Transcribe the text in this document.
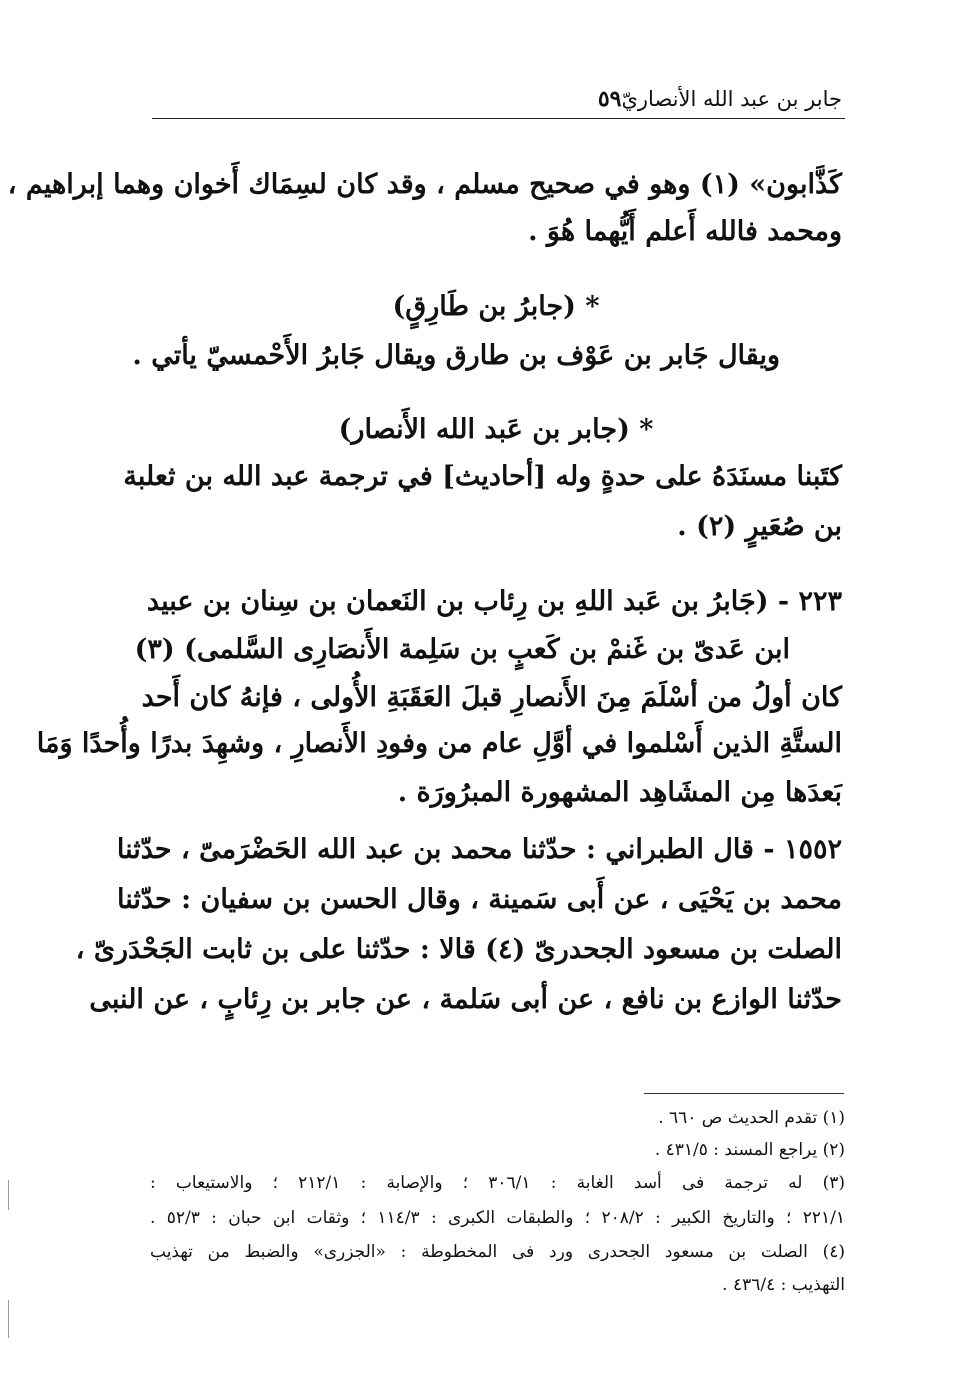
جابر بن عبد الله الأنصاريّ
٥٩
كَذَّابون» (١) وهو في صحيح مسلم ، وقد كان لسِمَاك أَخوان وهما إبراهيم ،
ومحمد فالله أَعلم أَيُّهما هُوَ .
* (جابرُ بن طَارِقٍ)
ويقال جَابر بن عَوْف بن طارق ويقال جَابرُ الأَحْمسيّ يأتي .
* (جابر بن عَبد الله الأَنصار)
كتَبنا مسنَدَهُ على حدةٍ وله [أحاديث] في ترجمة عبد الله بن ثعلبة
بن صُعَيرٍ (٢) .
٢٢٣ - (جَابرُ بن عَبد اللهِ بن رِئاب بن النَعمان بن سِنان بن عبيد
ابن عَدىّ بن غَنمْ بن كَعبٍ بن سَلِمة الأَنصَارِى السَّلمى) (٣)
كان أولُ من أسْلَمَ مِنَ الأَنصارِ قبلَ العَقَبَةِ الأُولى ، فإنهُ كان أَحد
الستَّةِ الذين أَسْلموا في أوَّلِ عام من وفودِ الأَنصارِ ، وشهِدَ بدرًا وأُحدًا وَمَا
بَعدَها مِن المشَاهِد المشهورة المبرُورَة .
١٥٥٢ - قال الطبراني : حدّثنا محمد بن عبد الله الحَضْرَمىّ ، حدّثنا
محمد بن يَحْيَى ، عن أَبى سَمينة ، وقال الحسن بن سفيان : حدّثنا
الصلت بن مسعود الجحدرىّ (٤) قالا : حدّثنا على بن ثابت الجَحْدَرىّ ،
حدّثنا الوازع بن نافع ، عن أبى سَلمة ، عن جابر بن رِئابٍ ، عن النبى
(١) تقدم الحديث ص ٦٦٠ .
(٢) يراجع المسند : ٤٣١/٥ .
(٣) له ترجمة فى أسد الغابة : ٣٠٦/١ ؛ والإصابة : ٢١٢/١ ؛ والاستيعاب :
٢٢١/١ ؛ والتاريخ الكبير : ٢٠٨/٢ ؛ والطبقات الكبرى : ١١٤/٣ ؛ وثقات ابن حبان : ٥٢/٣ .
(٤) الصلت بن مسعود الجحدرى ورد فى المخطوطة : «الجزرى» والضبط من تهذيب
التهذيب : ٤٣٦/٤ .
